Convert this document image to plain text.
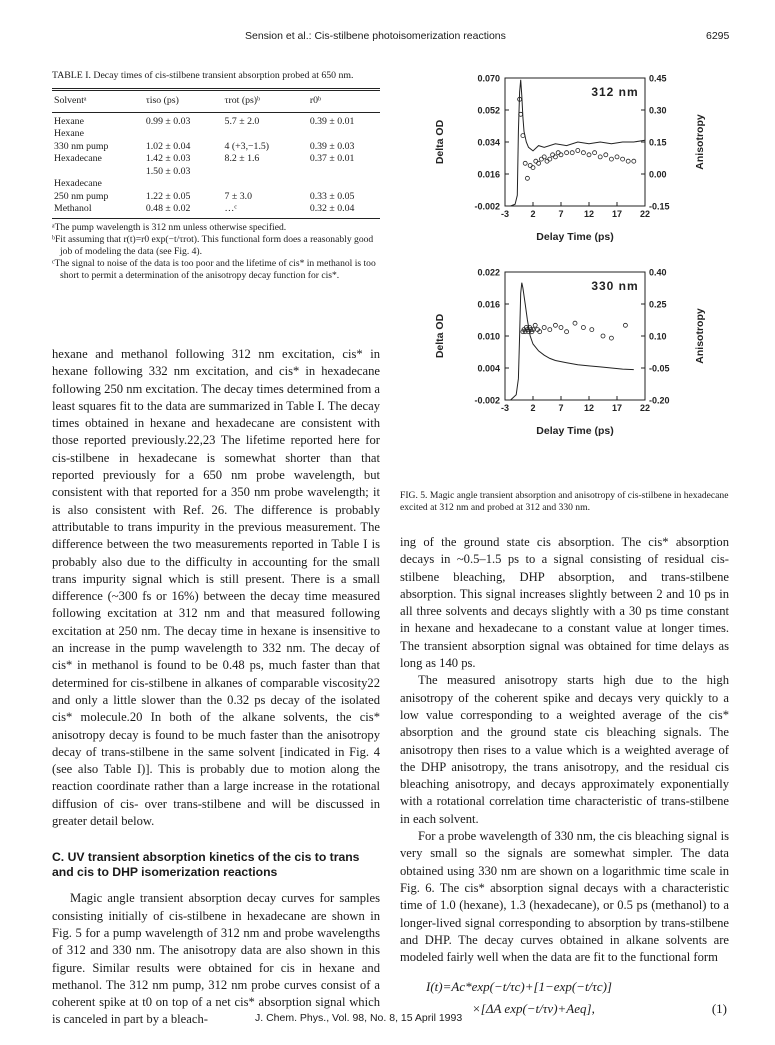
Sension et al.: Cis-stilbene photoisomerization reactions	6295
TABLE I. Decay times of cis-stilbene transient absorption probed at 650 nm.
Solventᵃ	τiso (ps)	τrot (ps)ᵇ	r0ᵇ
Hexane	0.99 ± 0.03	5.7 ± 2.0	0.39 ± 0.01
Hexane			
330 nm pump	1.02 ± 0.04	4 (+3,−1.5)	0.39 ± 0.03
Hexadecane	1.42 ± 0.03	8.2 ± 1.6	0.37 ± 0.01
	1.50 ± 0.03		
Hexadecane			
250 nm pump	1.22 ± 0.05	7 ± 3.0	0.33 ± 0.05
Methanol	0.48 ± 0.02	…ᶜ	0.32 ± 0.04
ᵃThe pump wavelength is 312 nm unless otherwise specified.
ᵇFit assuming that r(t)=r0 exp(−t/τrot). This functional form does a reasonably good job of modeling the data (see Fig. 4).
ᶜThe signal to noise of the data is too poor and the lifetime of cis* in methanol is too short to permit a determination of the anisotropy decay function for cis*.

hexane and methanol following 312 nm excitation, cis* in hexane following 332 nm excitation, and cis* in hexadecane following 250 nm excitation. The decay times determined from a least squares fit to the data are summarized in Table I. The decay times obtained in hexane and hexadecane are consistent with those reported previously.22,23 The lifetime reported here for cis-stilbene in hexadecane is somewhat shorter than that reported previously for a 650 nm probe wavelength, but consistent with that reported for a 350 nm probe wavelength; it is also consistent with Ref. 26. The difference is probably attributable to trans impurity in the previous measurement. The difference between the two measurements reported in Table I is probably also due to the difficulty in accounting for the small trans impurity signal which is still present. There is a small difference (~300 fs or 16%) between the decay time measured following excitation at 312 nm and that measured following excitation at 250 nm. The decay time in hexane is insensitive to an increase in the pump wavelength to 332 nm. The decay of cis* in methanol is found to be 0.48 ps, much faster than that determined for cis-stilbene in alkanes of comparable viscosity22 and only a little slower than the 0.32 ps decay of the isolated cis* molecule.20 In both of the alkane solvents, the cis* anisotropy decay is found to be much faster than the anisotropy decay of trans-stilbene in the same solvent [indicated in Fig. 4 (see also Table I)]. This is probably due to motion along the reaction coordinate rather than a large increase in the rotational diffusion of cis- over trans-stilbene and will be discussed in greater detail below.

C. UV transient absorption kinetics of the cis to trans and cis to DHP isomerization reactions

Magic angle transient absorption decay curves for samples consisting initially of cis-stilbene in hexadecane are shown in Fig. 5 for a pump wavelength of 312 nm and probe wavelengths of 312 and 330 nm. The anisotropy data are also shown in this figure. Similar results were obtained for cis in hexane and methanol. The 312 nm pump, 312 nm probe curves consist of a coherent spike at t0 on top of a net cis* absorption signal which is canceled in part by a bleach-

0.070
0.052
0.034
0.016
-0.002
0.45
0.30
0.15
0.00
-0.15
-3 2	7 12 17 22
312 nm
Delay Time (ps)
Delta OD	Anisotropy
0.022
0.016
0.010
0.004
-0.002
0.40
0.25
0.10
-0.05
-0.20
-3 2	7 12 17 22
330 nm
Delay Time (ps)
Delta OD	Anisotropy
FIG. 5. Magic angle transient absorption and anisotropy of cis-stilbene in hexadecane excited at 312 nm and probed at 312 and 330 nm.

ing of the ground state cis absorption. The cis* absorption decays in ~0.5–1.5 ps to a signal consisting of residual cis-stilbene bleaching, DHP absorption, and trans-stilbene absorption. This signal increases slightly between 2 and 10 ps in all three solvents and decays slightly with a 30 ps time constant in hexane and hexadecane to a constant value at longer times. The transient absorption signal was obtained for time delays as long as 140 ps.

The measured anisotropy starts high due to the high anisotropy of the coherent spike and decays very quickly to a low value corresponding to a weighted average of the cis* absorption and the ground state cis bleaching signals. The anisotropy then rises to a value which is a weighted average of the DHP anisotropy, the trans anisotropy, and the residual cis bleaching anisotropy, and decays approximately exponentially with a rotational correlation time characteristic of trans-stilbene in each solvent.

For a probe wavelength of 330 nm, the cis bleaching signal is very small so the signals are somewhat simpler. The data obtained using 330 nm are shown on a logarithmic time scale in Fig. 6. The cis* absorption signal decays with a characteristic time of 1.0 (hexane), 1.3 (hexadecane), or 0.5 ps (methanol) to a longer-lived signal corresponding to absorption by trans-stilbene and DHP. The decay curves obtained in alkane solvents are modeled fairly well when the data are fit to the functional form

I(t)=Ac*exp(−t/τc)+[1−exp(−t/τc)]
×[ΔA exp(−t/τv)+Aeq],	(1)
J. Chem. Phys., Vol. 98, No. 8, 15 April 1993
